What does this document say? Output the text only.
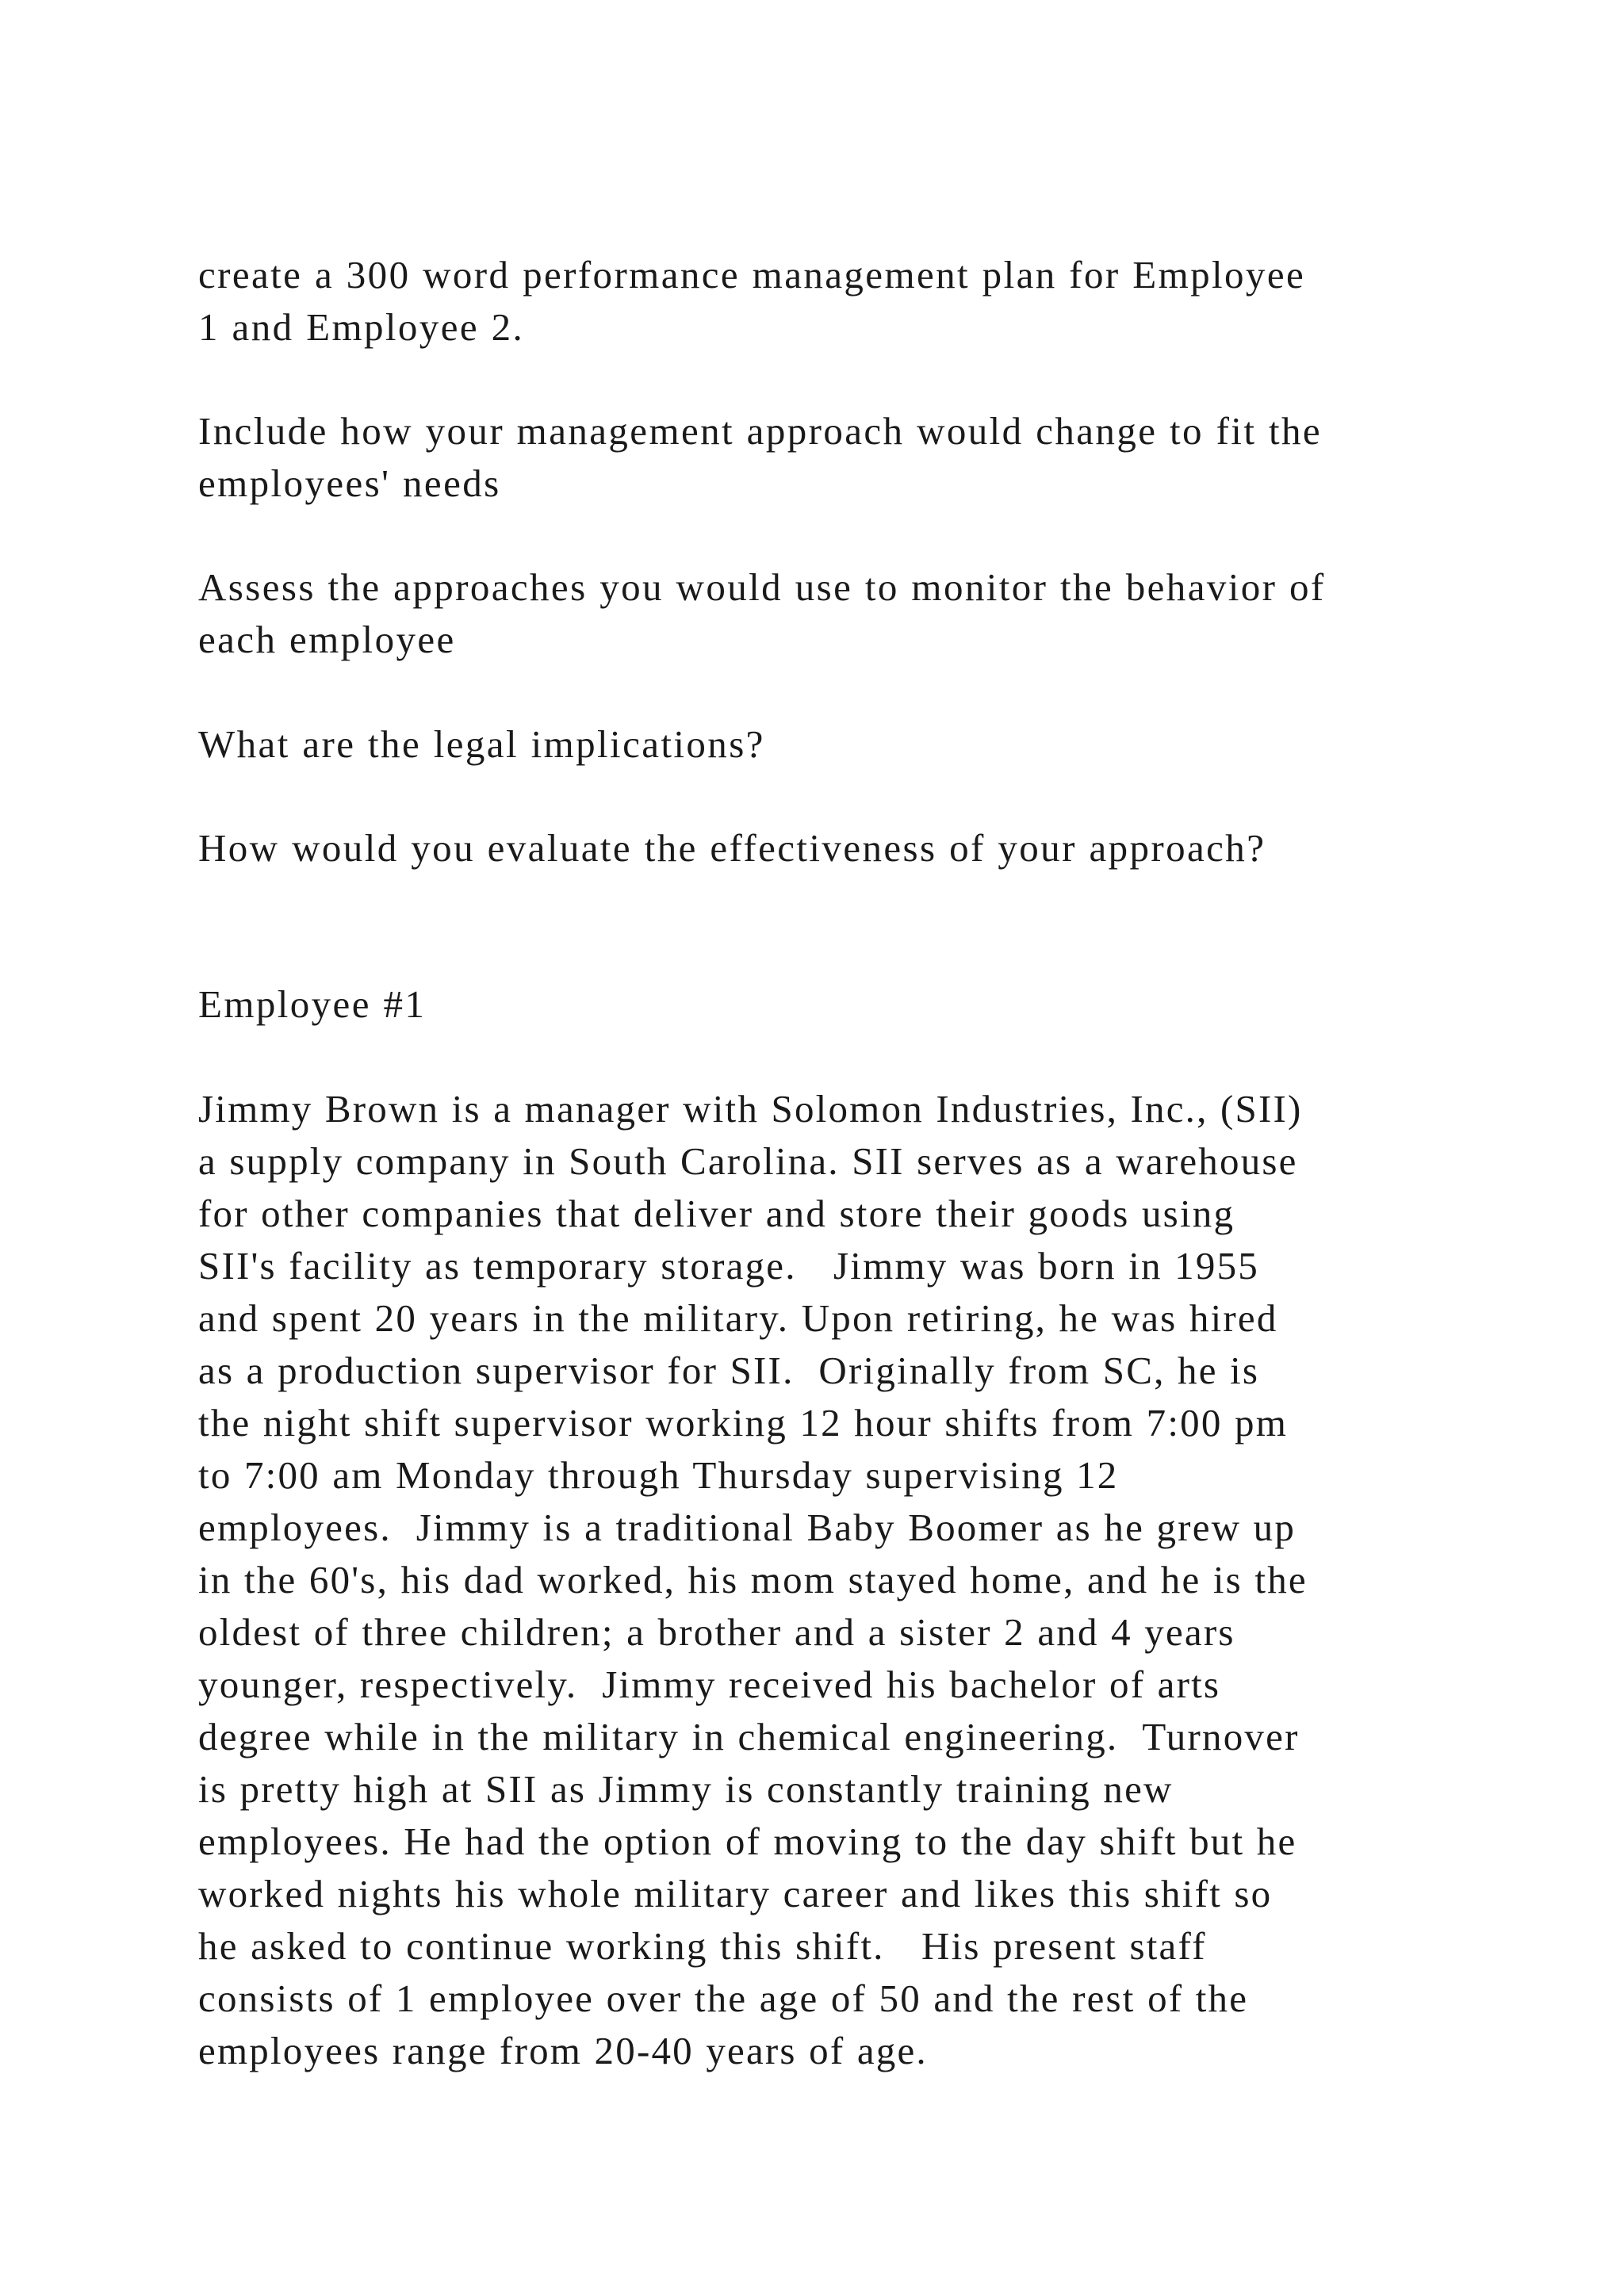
create a 300 word performance management plan for Employee
1 and Employee 2.
Include how your management approach would change to fit the
employees' needs
Assess the approaches you would use to monitor the behavior of
each employee
What are the legal implications?
How would you evaluate the effectiveness of your approach?
Employee #1
Jimmy Brown is a manager with Solomon Industries, Inc., (SII)
a supply company in South Carolina. SII serves as a warehouse
for other companies that deliver and store their goods using
SII's facility as temporary storage.   Jimmy was born in 1955
and spent 20 years in the military. Upon retiring, he was hired
as a production supervisor for SII.  Originally from SC, he is
the night shift supervisor working 12 hour shifts from 7:00 pm
to 7:00 am Monday through Thursday supervising 12
employees.  Jimmy is a traditional Baby Boomer as he grew up
in the 60's, his dad worked, his mom stayed home, and he is the
oldest of three children; a brother and a sister 2 and 4 years
younger, respectively.  Jimmy received his bachelor of arts
degree while in the military in chemical engineering.  Turnover
is pretty high at SII as Jimmy is constantly training new
employees. He had the option of moving to the day shift but he
worked nights his whole military career and likes this shift so
he asked to continue working this shift.   His present staff
consists of 1 employee over the age of 50 and the rest of the
employees range from 20-40 years of age.
